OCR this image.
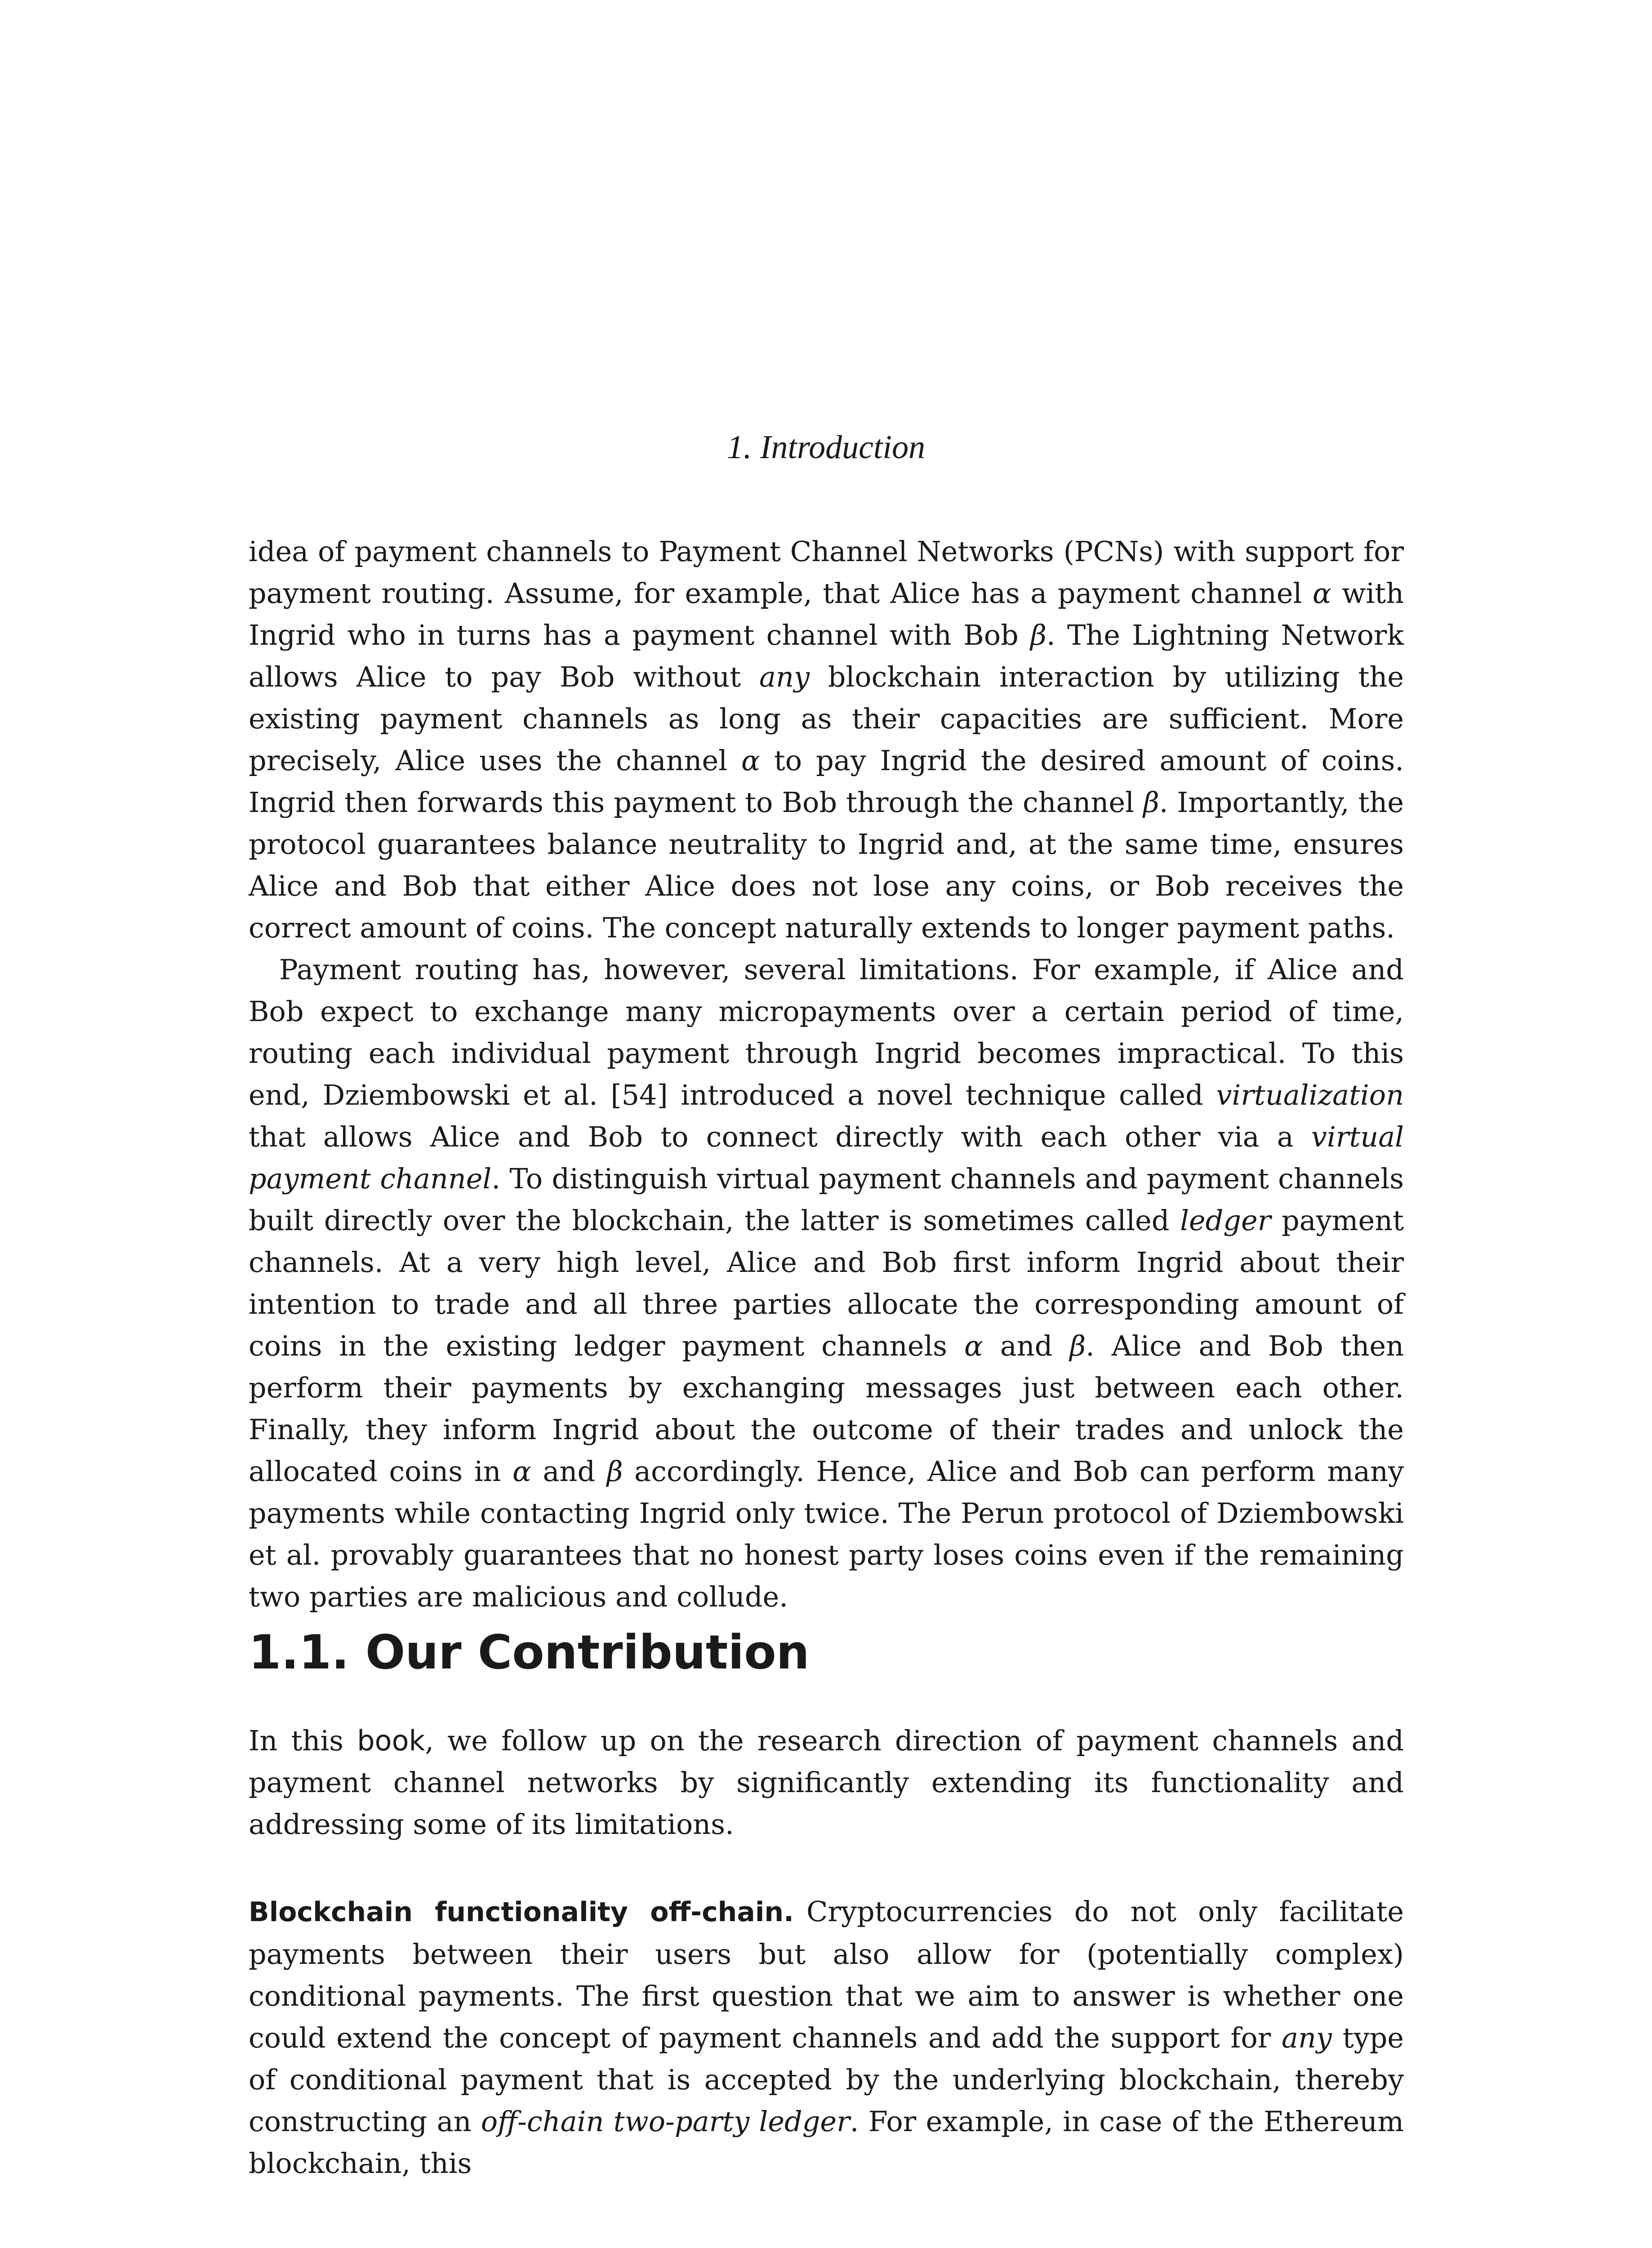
1. Introduction

idea of payment channels to Payment Channel Networks (PCNs) with support for payment routing. Assume, for example, that Alice has a payment channel α with Ingrid who in turns has a payment channel with Bob β. The Lightning Network allows Alice to pay Bob without any blockchain interaction by utilizing the existing payment channels as long as their capacities are sufficient. More precisely, Alice uses the channel α to pay Ingrid the desired amount of coins. Ingrid then forwards this payment to Bob through the channel β. Importantly, the protocol guarantees balance neutrality to Ingrid and, at the same time, ensures Alice and Bob that either Alice does not lose any coins, or Bob receives the correct amount of coins. The concept naturally extends to longer payment paths.

Payment routing has, however, several limitations. For example, if Alice and Bob expect to exchange many micropayments over a certain period of time, routing each individual payment through Ingrid becomes impractical. To this end, Dziembowski et al. [54] introduced a novel technique called virtualization that allows Alice and Bob to connect directly with each other via a virtual payment channel. To distinguish virtual payment channels and payment channels built directly over the blockchain, the latter is sometimes called ledger payment channels. At a very high level, Alice and Bob first inform Ingrid about their intention to trade and all three parties allocate the corresponding amount of coins in the existing ledger payment channels α and β. Alice and Bob then perform their payments by exchanging messages just between each other. Finally, they inform Ingrid about the outcome of their trades and unlock the allocated coins in α and β accordingly. Hence, Alice and Bob can perform many payments while contacting Ingrid only twice. The Perun protocol of Dziembowski et al. provably guarantees that no honest party loses coins even if the remaining two parties are malicious and collude.

1.1. Our Contribution

In this book, we follow up on the research direction of payment channels and payment channel networks by significantly extending its functionality and addressing some of its limitations.

Blockchain functionality off-chain. Cryptocurrencies do not only facilitate payments between their users but also allow for (potentially complex) conditional payments. The first question that we aim to answer is whether one could extend the concept of payment channels and add the support for any type of conditional payment that is accepted by the underlying blockchain, thereby constructing an off-chain two-party ledger. For example, in case of the Ethereum blockchain, this
